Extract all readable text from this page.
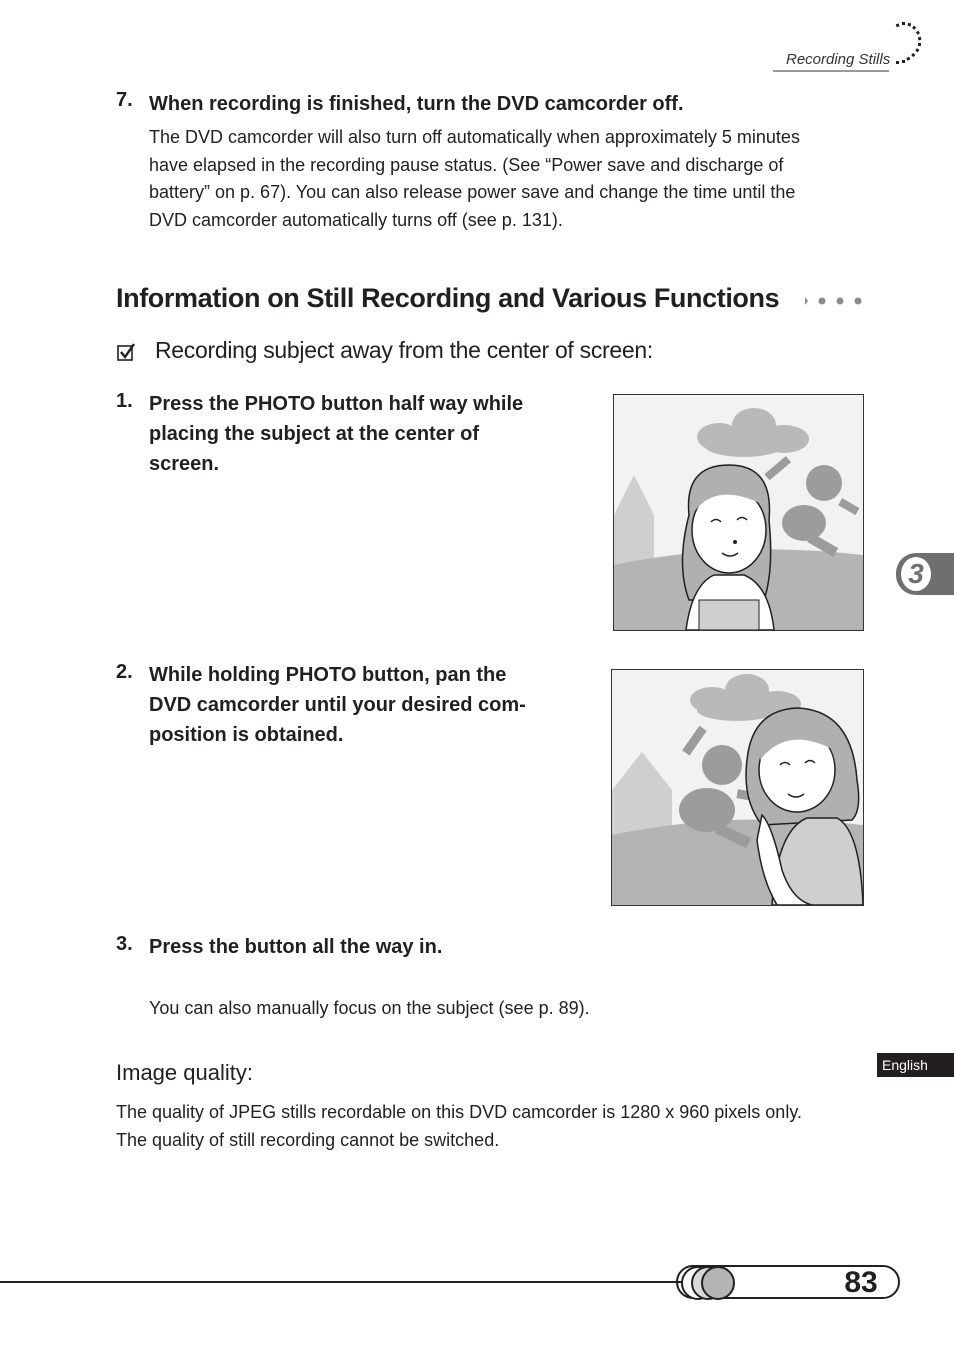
Recording Stills
7. When recording is finished, turn the DVD camcorder off.
The DVD camcorder will also turn off automatically when approximately 5 minutes
have elapsed in the recording pause status. (See “Power save and discharge of
battery” on p. 67). You can also release power save and change the time until the
DVD camcorder automatically turns off (see p. 131).
Information on Still Recording and Various Functions
Recording subject away from the center of screen:
1. Press the PHOTO button half way while
placing the subject at the center of
screen.
2. While holding PHOTO button, pan the
DVD camcorder until your desired com-
position is obtained.
3. Press the button all the way in.
You can also manually focus on the subject (see p. 89).
3
Image quality:	English
The quality of JPEG stills recordable on this DVD camcorder is 1280 x 960 pixels only.
The quality of still recording cannot be switched.
83
